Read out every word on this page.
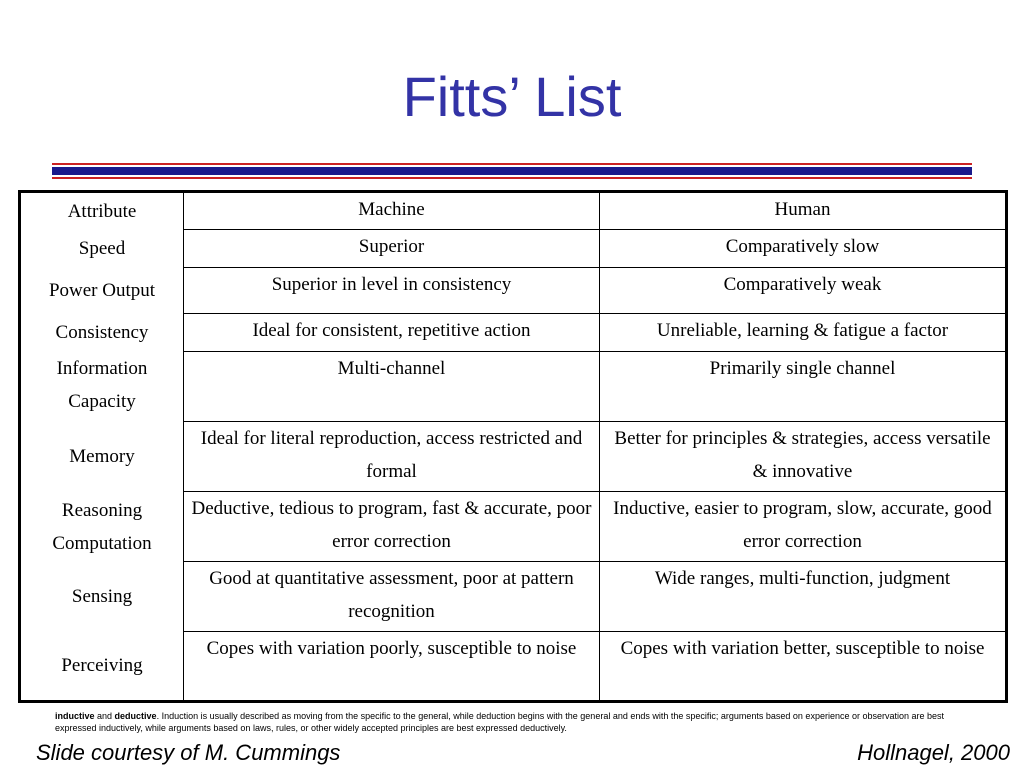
Fitts’ List
Attribute	Machine	Human
Speed	Superior	Comparatively slow
Power Output	Superior in level in consistency	Comparatively weak
Consistency	Ideal for consistent, repetitive action	Unreliable, learning & fatigue a factor
Information Capacity	Multi-channel	Primarily single channel
Memory	Ideal for literal reproduction, access restricted and formal	Better for principles & strategies, access versatile & innovative
Reasoning Computation	Deductive, tedious to program, fast & accurate, poor error correction	Inductive, easier to program, slow, accurate, good error correction
Sensing	Good at quantitative assessment, poor at pattern recognition	Wide ranges, multi-function, judgment
Perceiving	Copes with variation poorly, susceptible to noise	Copes with variation better, susceptible to noise
inductive and deductive. Induction is usually described as moving from the specific to the general, while deduction begins with the general and ends with the specific; arguments based on experience or observation are best expressed inductively, while arguments based on laws, rules, or other widely accepted principles are best expressed deductively.
Slide courtesy of M. Cummings	Hollnagel, 2000
